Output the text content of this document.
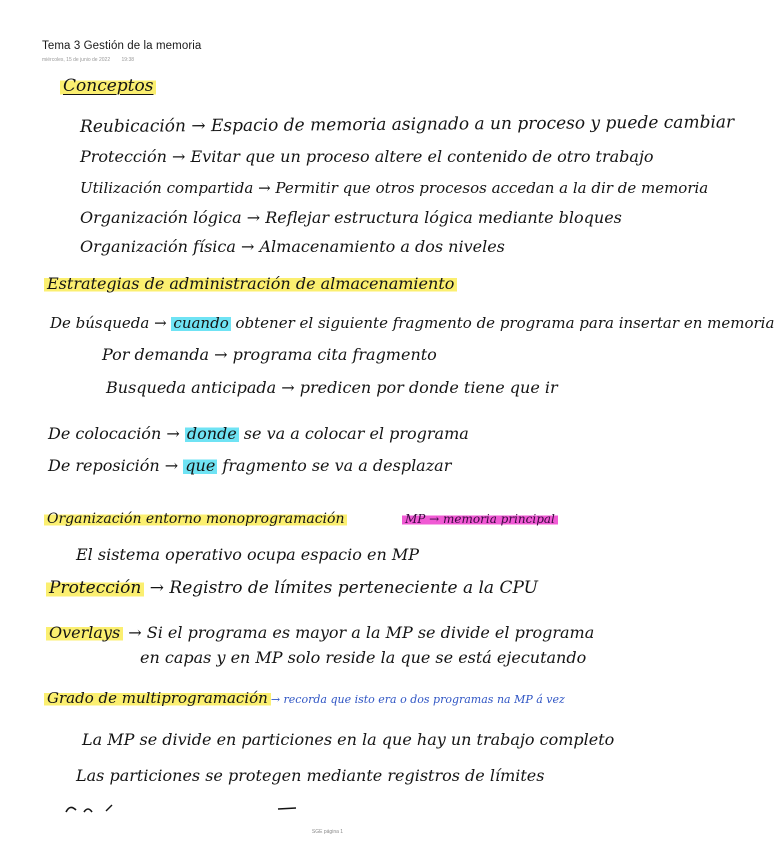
Tema 3 Gestión de la memoria
miércoles, 15 de junio de 2022 19:38
Conceptos
Reubicación → Espacio de memoria asignado a un proceso y puede cambiar
Protección → Evitar que un proceso altere el contenido de otro trabajo
Utilización compartida → Permitir que otros procesos accedan a la dir de memoria
Organización lógica → Reflejar estructura lógica mediante bloques
Organización física → Almacenamiento a dos niveles
Estrategias de administración de almacenamiento
De búsqueda → cuando obtener el siguiente fragmento de programa para insertar en memoria
Por demanda → programa cita fragmento
Busqueda anticipada → predicen por donde tiene que ir
De colocación → donde se va a colocar el programa
De reposición → que fragmento se va a desplazar
Organización entorno monoprogramación	MP → memoria principal
El sistema operativo ocupa espacio en MP
Protección → Registro de límites perteneciente a la CPU
Overlays → Si el programa es mayor a la MP se divide el programa
en capas y en MP solo reside la que se está ejecutando
Grado de multiprogramación → recorda que isto era o dos programas na MP á vez
La MP se divide en particiones en la que hay un trabajo completo
Las particiones se protegen mediante registros de límites
SGE página 1
